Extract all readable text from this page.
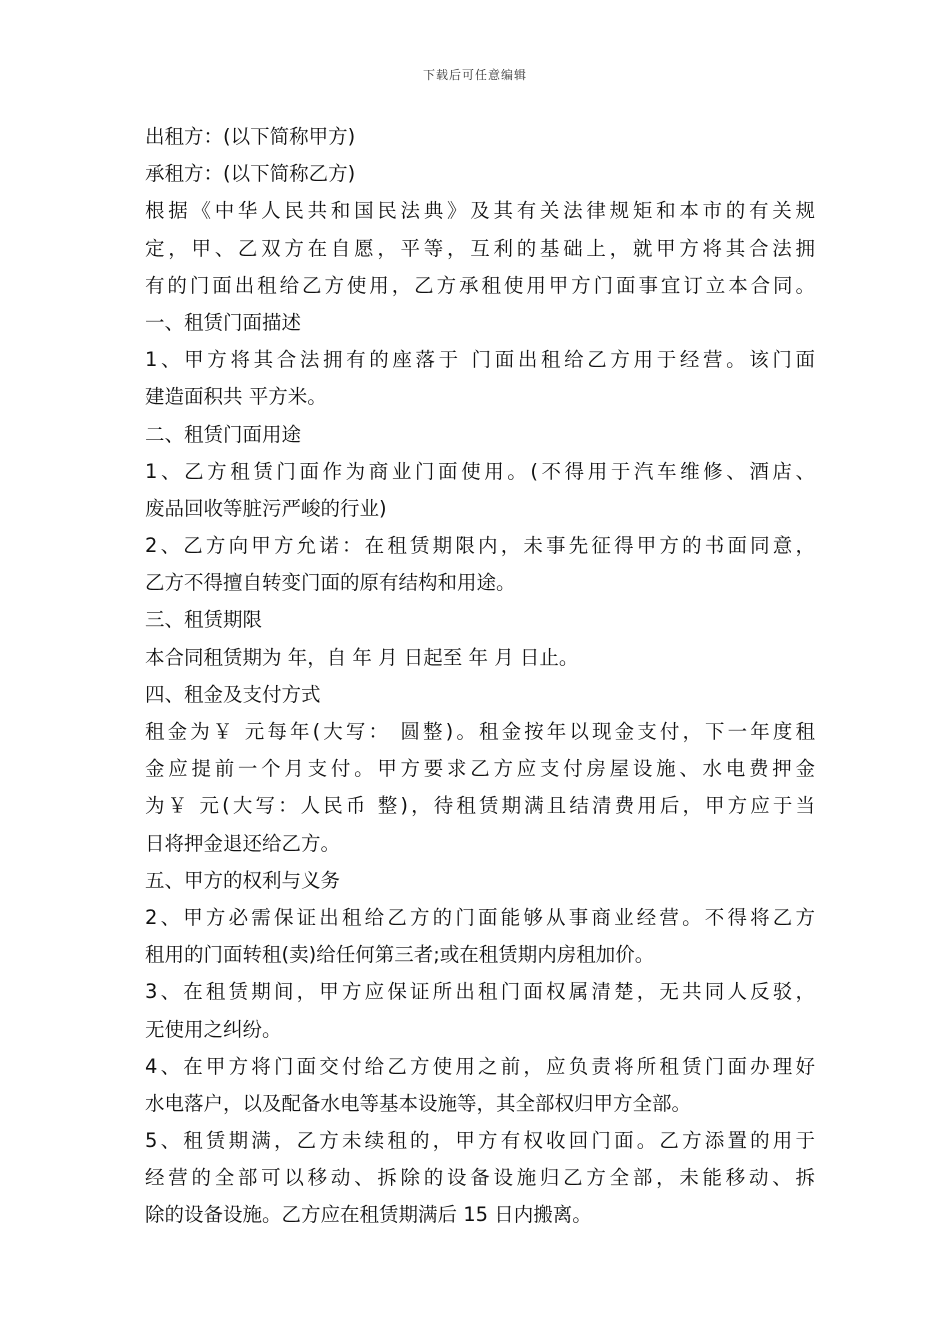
下载后可任意编辑
出租方：(以下简称甲方)
承租方：(以下简称乙方)
根据《中华人民共和国民法典》及其有关法律规矩和本市的有关规
定，甲、乙双方在自愿，平等，互利的基础上，就甲方将其合法拥
有的门面出租给乙方使用，乙方承租使用甲方门面事宜订立本合同。
一、租赁门面描述
1、甲方将其合法拥有的座落于 门面出租给乙方用于经营。该门面
建造面积共 平方米。
二、租赁门面用途
1、乙方租赁门面作为商业门面使用。(不得用于汽车维修、酒店、
废品回收等脏污严峻的行业)
2、乙方向甲方允诺：在租赁期限内，未事先征得甲方的书面同意，
乙方不得擅自转变门面的原有结构和用途。
三、租赁期限
本合同租赁期为 年，自 年 月 日起至 年 月 日止。
四、租金及支付方式
租金为￥ 元每年(大写： 圆整)。租金按年以现金支付，下一年度租
金应提前一个月支付。甲方要求乙方应支付房屋设施、水电费押金
为￥ 元(大写：人民币 整)，待租赁期满且结清费用后，甲方应于当
日将押金退还给乙方。
五、甲方的权利与义务
2、甲方必需保证出租给乙方的门面能够从事商业经营。不得将乙方
租用的门面转租(卖)给任何第三者;或在租赁期内房租加价。
3、在租赁期间，甲方应保证所出租门面权属清楚，无共同人反驳，
无使用之纠纷。
4、在甲方将门面交付给乙方使用之前，应负责将所租赁门面办理好
水电落户，以及配备水电等基本设施等，其全部权归甲方全部。
5、租赁期满，乙方未续租的，甲方有权收回门面。乙方添置的用于
经营的全部可以移动、拆除的设备设施归乙方全部，未能移动、拆
除的设备设施。乙方应在租赁期满后 15 日内搬离。
